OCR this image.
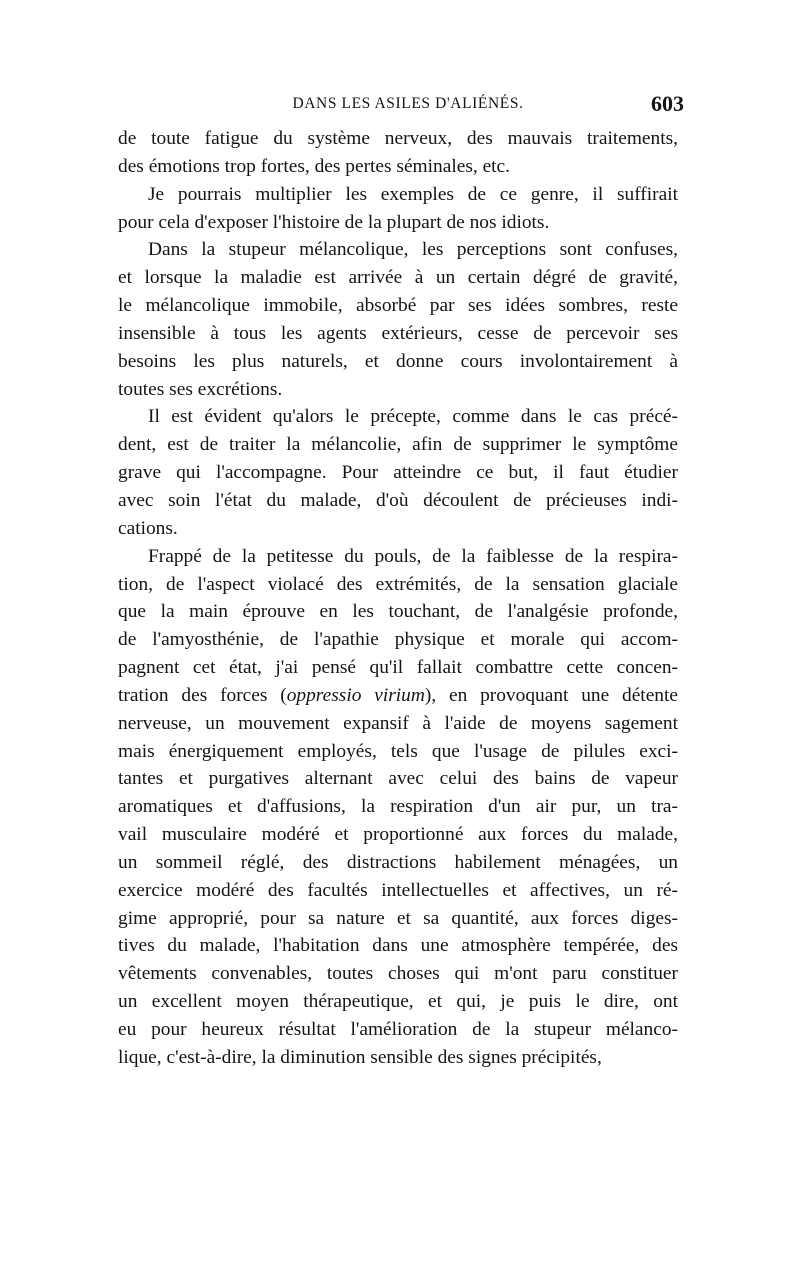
DANS LES ASILES D'ALIÉNÉS.	603

de toute fatigue du système nerveux, des mauvais traitements,
des émotions trop fortes, des pertes séminales, etc.

Je pourrais multiplier les exemples de ce genre, il suffirait
pour cela d'exposer l'histoire de la plupart de nos idiots.

Dans la stupeur mélancolique, les perceptions sont confuses,
et lorsque la maladie est arrivée à un certain dégré de gravité,
le mélancolique immobile, absorbé par ses idées sombres, reste
insensible à tous les agents extérieurs, cesse de percevoir ses
besoins les plus naturels, et donne cours involontairement à
toutes ses excrétions.

Il est évident qu'alors le précepte, comme dans le cas précé-
dent, est de traiter la mélancolie, afin de supprimer le symptôme
grave qui l'accompagne. Pour atteindre ce but, il faut étudier
avec soin l'état du malade, d'où découlent de précieuses indi-
cations.

Frappé de la petitesse du pouls, de la faiblesse de la respira-
tion, de l'aspect violacé des extrémités, de la sensation glaciale
que la main éprouve en les touchant, de l'analgésie profonde,
de l'amyosthénie, de l'apathie physique et morale qui accom-
pagnent cet état, j'ai pensé qu'il fallait combattre cette concen-
tration des forces (oppressio virium), en provoquant une détente
nerveuse, un mouvement expansif à l'aide de moyens sagement
mais énergiquement employés, tels que l'usage de pilules exci-
tantes et purgatives alternant avec celui des bains de vapeur
aromatiques et d'affusions, la respiration d'un air pur, un tra-
vail musculaire modéré et proportionné aux forces du malade,
un sommeil réglé, des distractions habilement ménagées, un
exercice modéré des facultés intellectuelles et affectives, un ré-
gime approprié, pour sa nature et sa quantité, aux forces diges-
tives du malade, l'habitation dans une atmosphère tempérée, des
vêtements convenables, toutes choses qui m'ont paru constituer
un excellent moyen thérapeutique, et qui, je puis le dire, ont
eu pour heureux résultat l'amélioration de la stupeur mélanco-
lique, c'est-à-dire, la diminution sensible des signes précipités,
